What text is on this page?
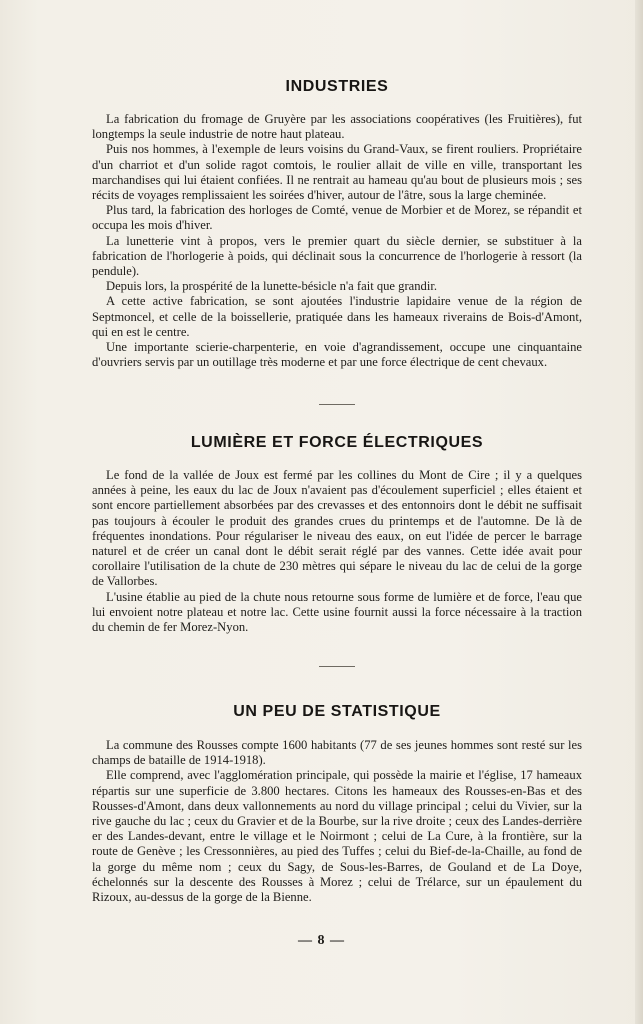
INDUSTRIES

La fabrication du fromage de Gruyère par les associations coopératives (les Fruitières), fut longtemps la seule industrie de notre haut plateau.

Puis nos hommes, à l'exemple de leurs voisins du Grand-Vaux, se firent rouliers. Propriétaire d'un charriot et d'un solide ragot comtois, le roulier allait de ville en ville, transportant les marchandises qui lui étaient confiées. Il ne rentrait au hameau qu'au bout de plusieurs mois ; ses récits de voyages remplissaient les soirées d'hiver, autour de l'âtre, sous la large cheminée.

Plus tard, la fabrication des horloges de Comté, venue de Morbier et de Morez, se répandit et occupa les mois d'hiver.

La lunetterie vint à propos, vers le premier quart du siècle dernier, se substituer à la fabrication de l'horlogerie à poids, qui déclinait sous la concurrence de l'horlogerie à ressort (la pendule).

Depuis lors, la prospérité de la lunette-bésicle n'a fait que grandir.

A cette active fabrication, se sont ajoutées l'industrie lapidaire venue de la région de Septmoncel, et celle de la boissellerie, pratiquée dans les hameaux riverains de Bois-d'Amont, qui en est le centre.

Une importante scierie-charpenterie, en voie d'agrandissement, occupe une cinquantaine d'ouvriers servis par un outillage très moderne et par une force électrique de cent chevaux.

LUMIÈRE ET FORCE ÉLECTRIQUES

Le fond de la vallée de Joux est fermé par les collines du Mont de Cire ; il y a quelques années à peine, les eaux du lac de Joux n'avaient pas d'écoulement superficiel ; elles étaient et sont encore partiellement absorbées par des crevasses et des entonnoirs dont le débit ne suffisait pas toujours à écouler le produit des grandes crues du printemps et de l'automne. De là de fréquentes inondations. Pour régulariser le niveau des eaux, on eut l'idée de percer le barrage naturel et de créer un canal dont le débit serait réglé par des vannes. Cette idée avait pour corollaire l'utilisation de la chute de 230 mètres qui sépare le niveau du lac de celui de la gorge de Vallorbes.

L'usine établie au pied de la chute nous retourne sous forme de lumière et de force, l'eau que lui envoient notre plateau et notre lac. Cette usine fournit aussi la force nécessaire à la traction du chemin de fer Morez-Nyon.

UN PEU DE STATISTIQUE

La commune des Rousses compte 1600 habitants (77 de ses jeunes hommes sont resté sur les champs de bataille de 1914-1918).

Elle comprend, avec l'agglomération principale, qui possède la mairie et l'église, 17 hameaux répartis sur une superficie de 3.800 hectares. Citons les hameaux des Rousses-en-Bas et des Rousses-d'Amont, dans deux vallonnements au nord du village principal ; celui du Vivier, sur la rive gauche du lac ; ceux du Gravier et de la Bourbe, sur la rive droite ; ceux des Landes-derrière er des Landes-devant, entre le village et le Noirmont ; celui de La Cure, à la frontière, sur la route de Genève ; les Cressonnières, au pied des Tuffes ; celui du Bief-de-la-Chaille, au fond de la gorge du même nom ; ceux du Sagy, de Sous-les-Barres, de Gouland et de La Doye, échelonnés sur la descente des Rousses à Morez ; celui de Trélarce, sur un épaulement du Rizoux, au-dessus de la gorge de la Bienne.

— 8 —
